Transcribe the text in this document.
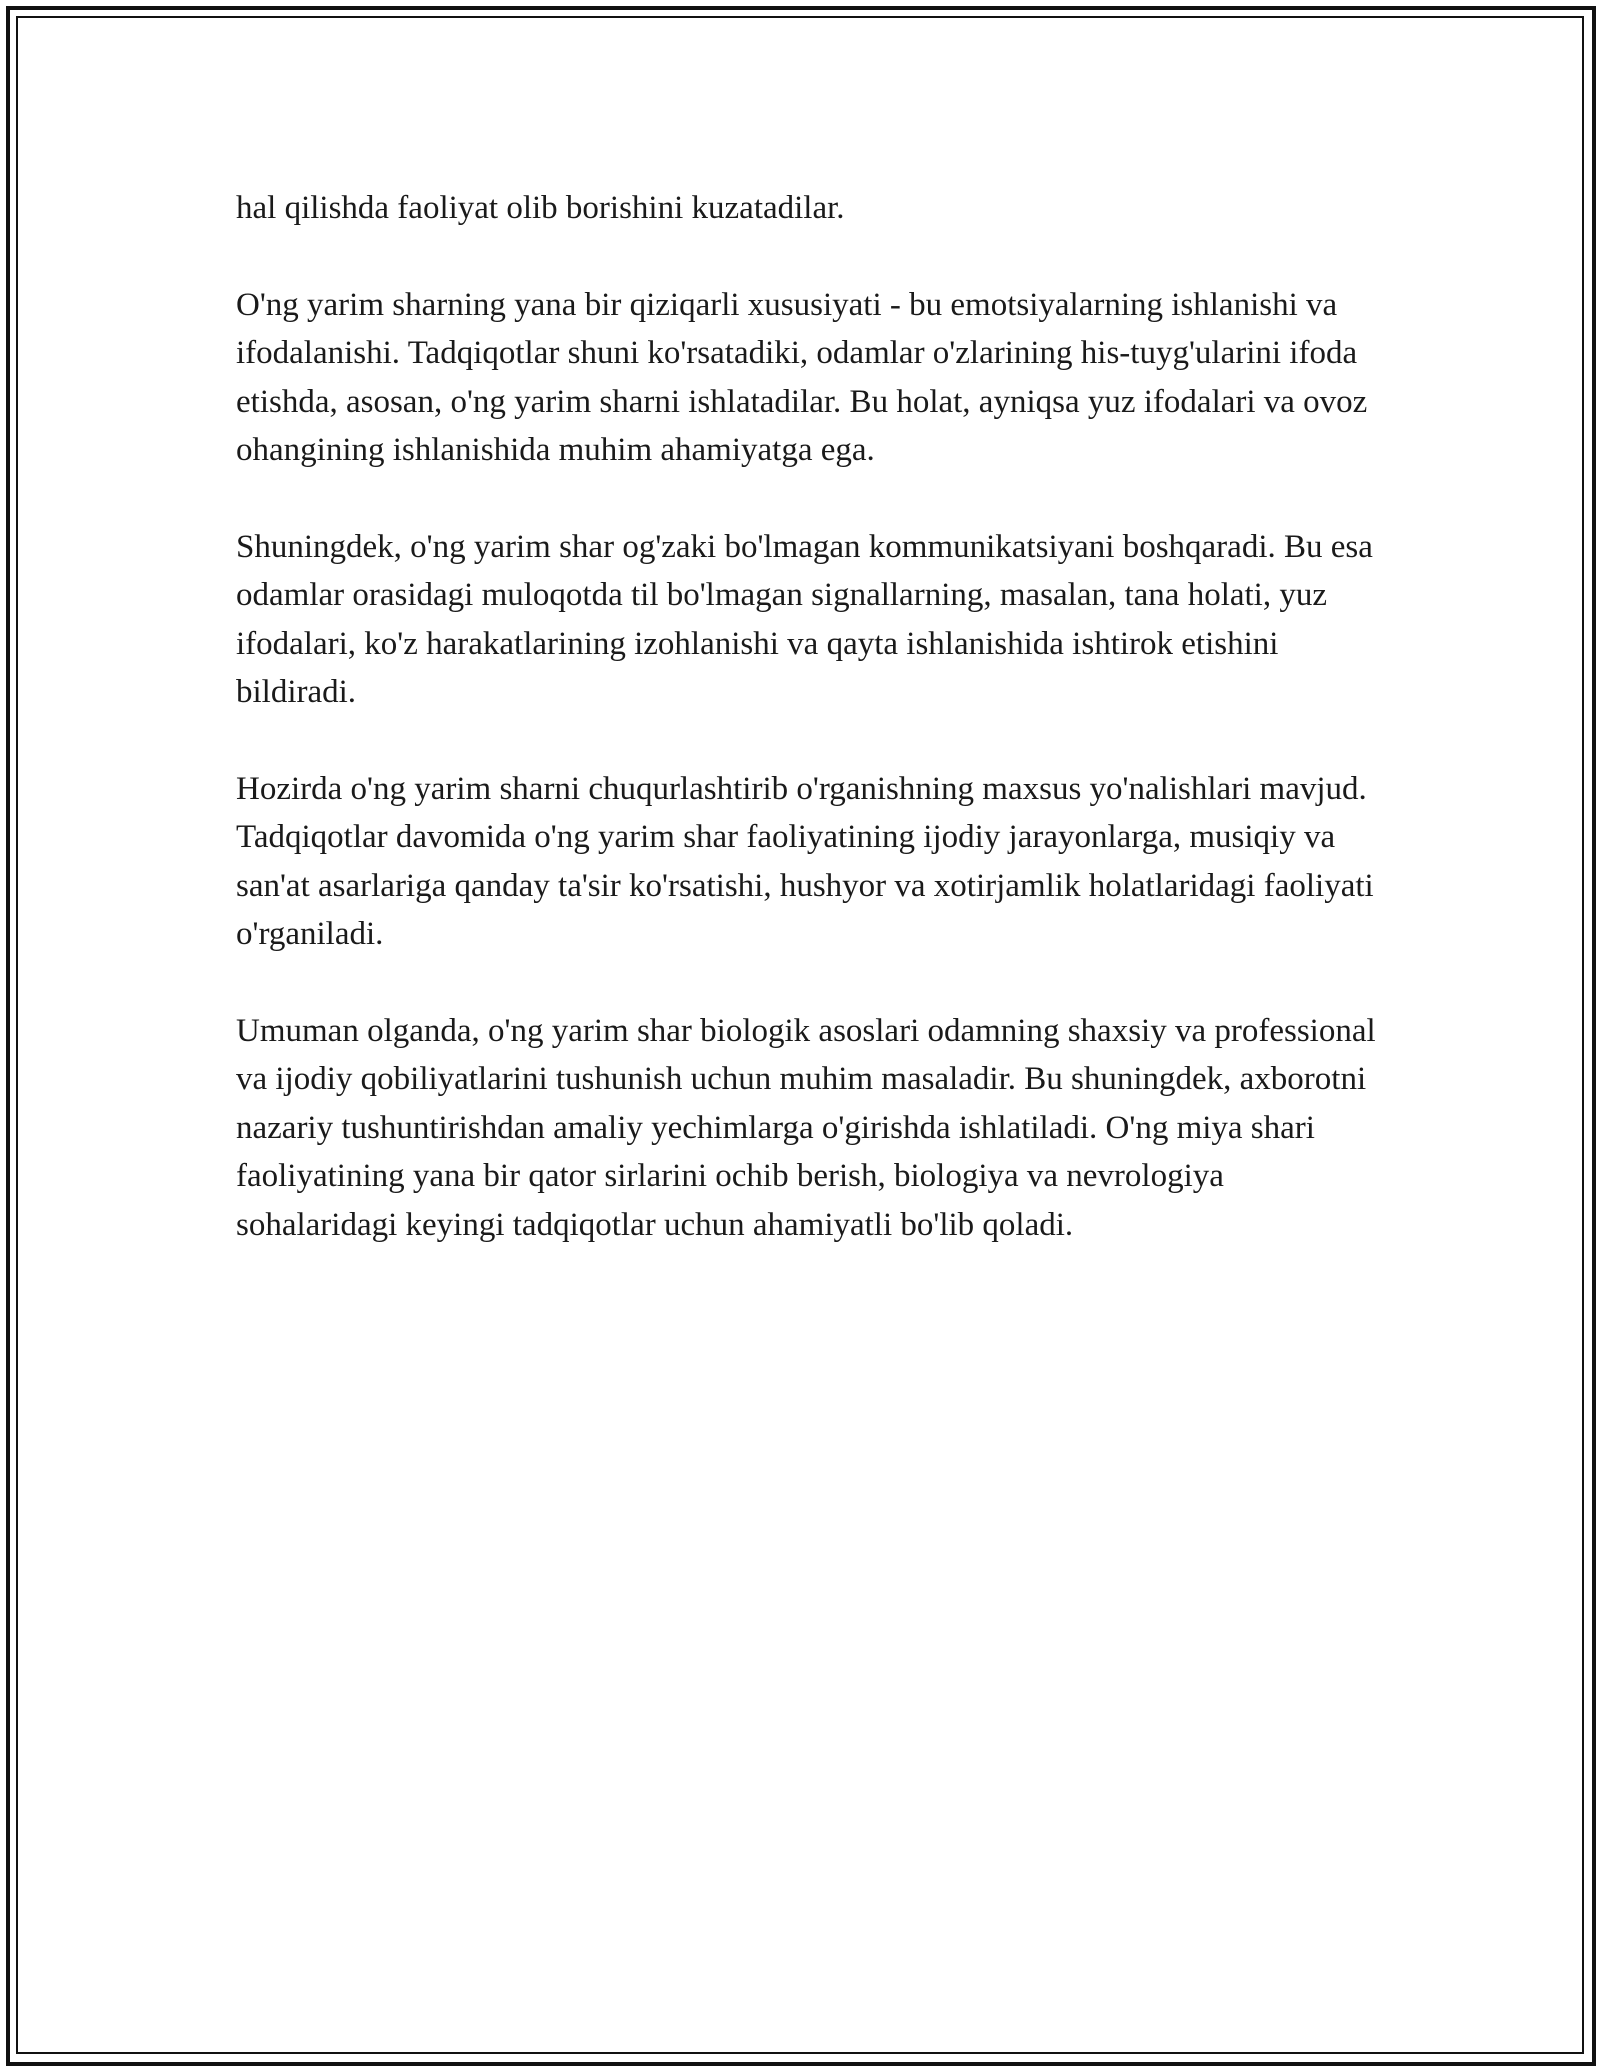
hal qilishda faoliyat olib borishini kuzatadilar.

O'ng yarim sharning yana bir qiziqarli xususiyati - bu emotsiyalarning ishlanishi va ifodalanishi. Tadqiqotlar shuni ko'rsatadiki, odamlar o'zlarining his-tuyg'ularini ifoda etishda, asosan, o'ng yarim sharni ishlatadilar. Bu holat, ayniqsa yuz ifodalari va ovoz ohangining ishlanishida muhim ahamiyatga ega.

Shuningdek, o'ng yarim shar og'zaki bo'lmagan kommunikatsiyani boshqaradi. Bu esa odamlar orasidagi muloqotda til bo'lmagan signallarning, masalan, tana holati, yuz ifodalari, ko'z harakatlarining izohlanishi va qayta ishlanishida ishtirok etishini bildiradi.

Hozirda o'ng yarim sharni chuqurlashtirib o'rganishning maxsus yo'nalishlari mavjud. Tadqiqotlar davomida o'ng yarim shar faoliyatining ijodiy jarayonlarga, musiqiy va san'at asarlariga qanday ta'sir ko'rsatishi, hushyor va xotirjamlik holatlaridagi faoliyati o'rganiladi.

Umuman olganda, o'ng yarim shar biologik asoslari odamning shaxsiy va professional va ijodiy qobiliyatlarini tushunish uchun muhim masaladir. Bu shuningdek, axborotni nazariy tushuntirishdan amaliy yechimlarga o'girishda ishlatiladi. O'ng miya shari faoliyatining yana bir qator sirlarini ochib berish, biologiya va nevrologiya sohalaridagi keyingi tadqiqotlar uchun ahamiyatli bo'lib qoladi.
